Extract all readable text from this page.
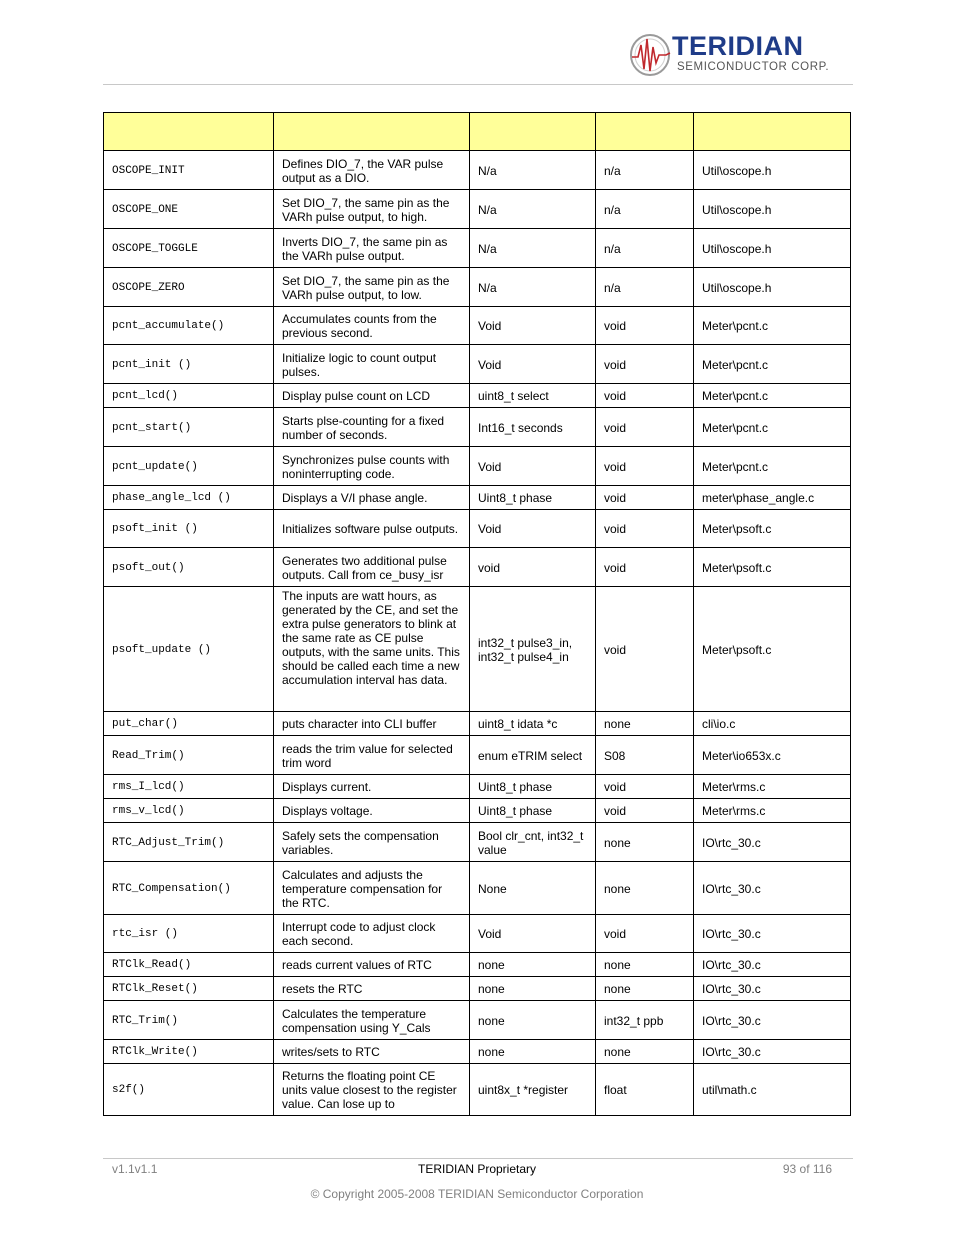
TERIDIAN
SEMICONDUCTOR CORP.

OSCOPE_INIT	Defines DIO_7, the VAR pulse output as a DIO.	N/a	n/a	Util\oscope.h
OSCOPE_ONE	Set DIO_7, the same pin as the VARh pulse output, to high.	N/a	n/a	Util\oscope.h
OSCOPE_TOGGLE	Inverts DIO_7, the same pin as the VARh pulse output.	N/a	n/a	Util\oscope.h
OSCOPE_ZERO	Set DIO_7, the same pin as the VARh pulse output, to low.	N/a	n/a	Util\oscope.h
pcnt_accumulate()	Accumulates counts from the previous second.	Void	void	Meter\pcnt.c
pcnt_init ()	Initialize logic to count output pulses.	Void	void	Meter\pcnt.c
pcnt_lcd()	Display pulse count on LCD	uint8_t select	void	Meter\pcnt.c
pcnt_start()	Starts plse-counting for a fixed number of seconds.	Int16_t seconds	void	Meter\pcnt.c
pcnt_update()	Synchronizes pulse counts with noninterrupting code.	Void	void	Meter\pcnt.c
phase_angle_lcd ()	Displays a V/I phase angle.	Uint8_t phase	void	meter\phase_angle.c
psoft_init ()	Initializes software pulse outputs.	Void	void	Meter\psoft.c
psoft_out()	Generates two additional pulse outputs. Call from ce_busy_isr	void	void	Meter\psoft.c
psoft_update ()	The inputs are watt hours, as generated by the CE, and set the extra pulse generators to blink at the same rate as CE pulse outputs, with the same units. This should be called each time a new accumulation interval has data.	int32_t pulse3_in, int32_t pulse4_in	void	Meter\psoft.c
put_char()	puts character into CLI buffer	uint8_t idata *c	none	cli\io.c
Read_Trim()	reads the trim value for selected trim word	enum eTRIM select	S08	Meter\io653x.c
rms_I_lcd()	Displays current.	Uint8_t phase	void	Meter\rms.c
rms_v_lcd()	Displays voltage.	Uint8_t phase	void	Meter\rms.c
RTC_Adjust_Trim()	Safely sets the compensation variables.	Bool clr_cnt, int32_t value	none	IO\rtc_30.c
RTC_Compensation()	Calculates and adjusts the temperature compensation for the RTC.	None	none	IO\rtc_30.c
rtc_isr ()	Interrupt code to adjust clock each second.	Void	void	IO\rtc_30.c
RTClk_Read()	reads current values of RTC	none	none	IO\rtc_30.c
RTClk_Reset()	resets the RTC	none	none	IO\rtc_30.c
RTC_Trim()	Calculates the temperature compensation using Y_Cals	none	int32_t ppb	IO\rtc_30.c
RTClk_Write()	writes/sets to RTC	none	none	IO\rtc_30.c
s2f()	Returns the floating point CE units value closest to the register value. Can lose up to	uint8x_t *register	float	util\math.c
v1.1v1.1	TERIDIAN Proprietary	93 of 116
© Copyright 2005-2008 TERIDIAN Semiconductor Corporation
